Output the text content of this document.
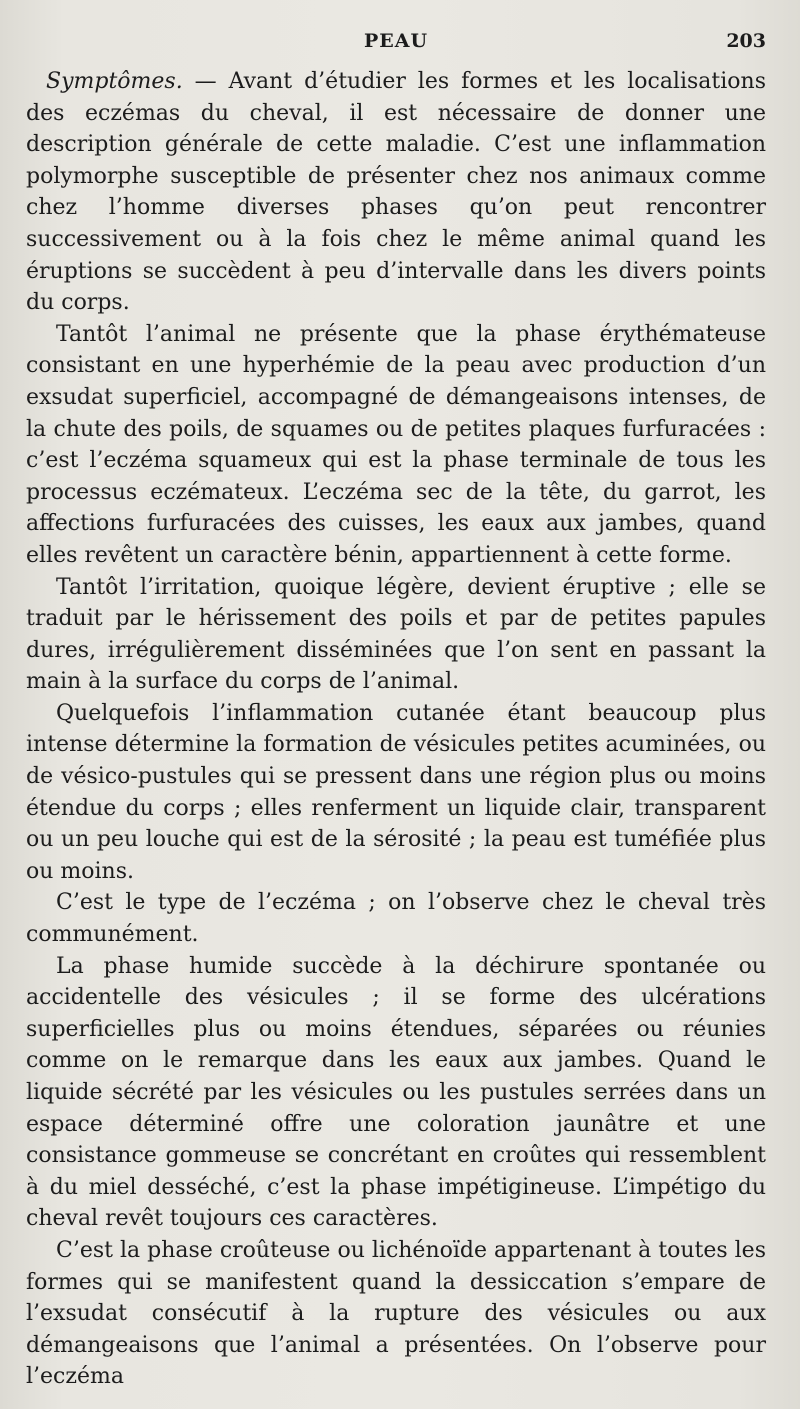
PEAU	203

Symptômes. — Avant d’étudier les formes et les localisations des eczémas du cheval, il est nécessaire de donner une description générale de cette maladie. C’est une inflammation polymorphe susceptible de présenter chez nos animaux comme chez l’homme diverses phases qu’on peut rencontrer successivement ou à la fois chez le même animal quand les éruptions se succèdent à peu d’intervalle dans les divers points du corps.

Tantôt l’animal ne présente que la phase érythémateuse consistant en une hyperhémie de la peau avec production d’un exsudat superficiel, accompagné de démangeaisons intenses, de la chute des poils, de squames ou de petites plaques furfuracées : c’est l’eczéma squameux qui est la phase terminale de tous les processus eczémateux. L’eczéma sec de la tête, du garrot, les affections furfuracées des cuisses, les eaux aux jambes, quand elles revêtent un caractère bénin, appartiennent à cette forme.

Tantôt l’irritation, quoique légère, devient éruptive ; elle se traduit par le hérissement des poils et par de petites papules dures, irrégulièrement disséminées que l’on sent en passant la main à la surface du corps de l’animal.

Quelquefois l’inflammation cutanée étant beaucoup plus intense détermine la formation de vésicules petites acuminées, ou de vésico-pustules qui se pressent dans une région plus ou moins étendue du corps ; elles renferment un liquide clair, transparent ou un peu louche qui est de la sérosité ; la peau est tuméfiée plus ou moins.

C’est le type de l’eczéma ; on l’observe chez le cheval très communément.

La phase humide succède à la déchirure spontanée ou accidentelle des vésicules ; il se forme des ulcérations superficielles plus ou moins étendues, séparées ou réunies comme on le remarque dans les eaux aux jambes. Quand le liquide sécrété par les vésicules ou les pustules serrées dans un espace déterminé offre une coloration jaunâtre et une consistance gommeuse se concrétant en croûtes qui ressemblent à du miel desséché, c’est la phase impétigineuse. L’impétigo du cheval revêt toujours ces caractères.

C’est la phase croûteuse ou lichénoïde appartenant à toutes les formes qui se manifestent quand la dessiccation s’empare de l’exsudat consécutif à la rupture des vésicules ou aux démangeaisons que l’animal a présentées. On l’observe pour l’eczéma
